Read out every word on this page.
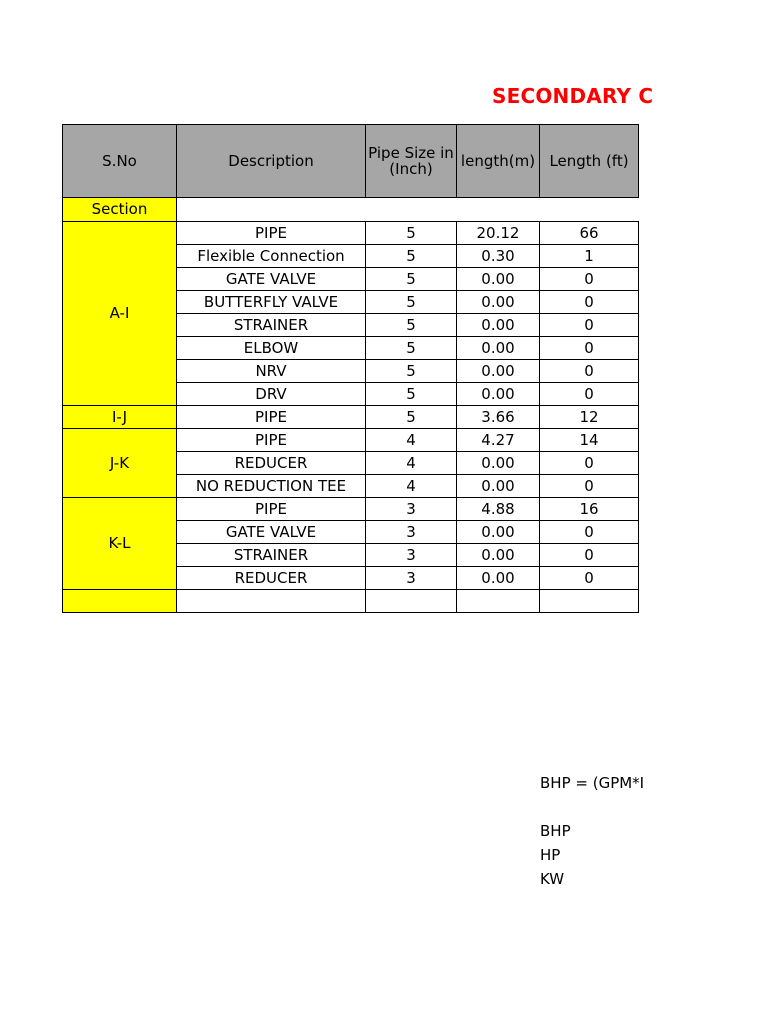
SECONDARY C
S.No	Description	Pipe Size in (Inch)	length(m)	Length (ft)
Section				
A-I	PIPE	5	20.12	66
	Flexible Connection	5	0.30	1
	GATE VALVE	5	0.00	0
	BUTTERFLY VALVE	5	0.00	0
	STRAINER	5	0.00	0
	ELBOW	5	0.00	0
	NRV	5	0.00	0
	DRV	5	0.00	0
I-J	PIPE	5	3.66	12
J-K	PIPE	4	4.27	14
	REDUCER	4	0.00	0
	NO REDUCTION TEE	4	0.00	0
K-L	PIPE	3	4.88	16
	GATE VALVE	3	0.00	0
	STRAINER	3	0.00	0
	REDUCER	3	0.00	0

BHP = (GPM*I
BHP
HP
KW
